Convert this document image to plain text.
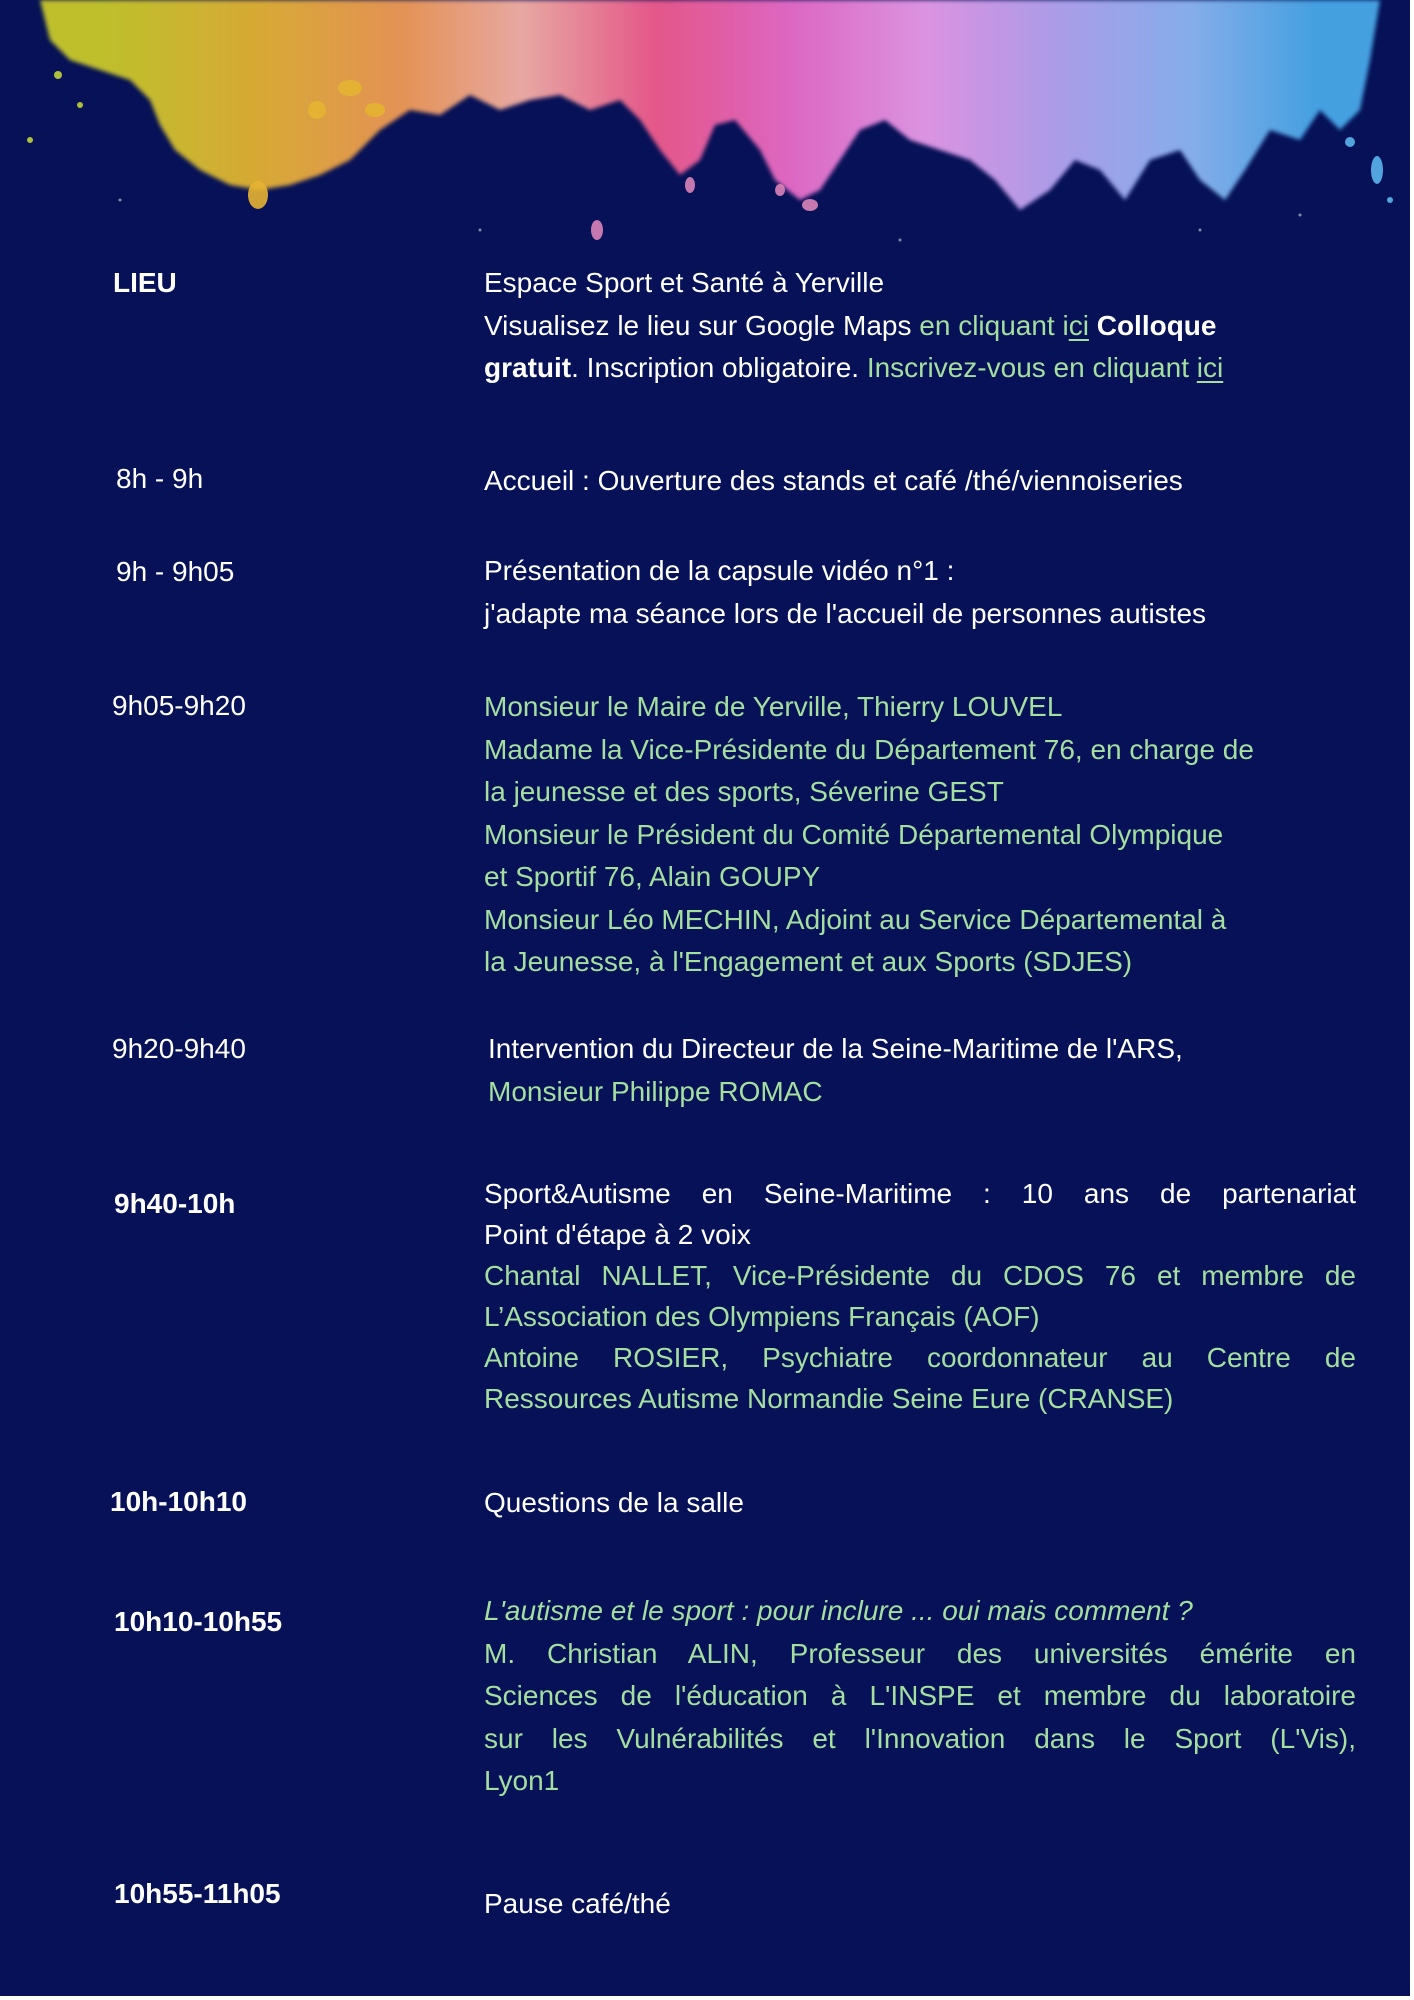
LIEU	Espace Sport et Santé à Yerville
Visualisez le lieu sur Google Maps en cliquant ici Colloque
gratuit. Inscription obligatoire. Inscrivez-vous en cliquant ici
8h - 9h	Accueil : Ouverture des stands et café /thé/viennoiseries
9h - 9h05	Présentation de la capsule vidéo n°1 :
j'adapte ma séance lors de l'accueil de personnes autistes
9h05-9h20	Monsieur le Maire de Yerville, Thierry LOUVEL
Madame la Vice-Présidente du Département 76, en charge de
la jeunesse et des sports, Séverine GEST
Monsieur le Président du Comité Départemental Olympique
et Sportif 76, Alain GOUPY
Monsieur Léo MECHIN, Adjoint au Service Départemental à
la Jeunesse, à l'Engagement et aux Sports (SDJES)
9h20-9h40	Intervention du Directeur de la Seine-Maritime de l'ARS,
Monsieur Philippe ROMAC
9h40-10h	Sport&Autisme en Seine-Maritime : 10 ans de partenariat
Point d'étape à 2 voix
Chantal NALLET, Vice-Présidente du CDOS 76 et membre de
L’Association des Olympiens Français (AOF)
Antoine ROSIER, Psychiatre coordonnateur au Centre de
Ressources Autisme Normandie Seine Eure (CRANSE)
10h-10h10	Questions de la salle
10h10-10h55	L'autisme et le sport : pour inclure ... oui mais comment ?
M. Christian ALIN, Professeur des universités émérite en
Sciences de l'éducation à L'INSPE et membre du laboratoire
sur les Vulnérabilités et l'Innovation dans le Sport (L'Vis),
Lyon1
10h55-11h05	Pause café/thé
